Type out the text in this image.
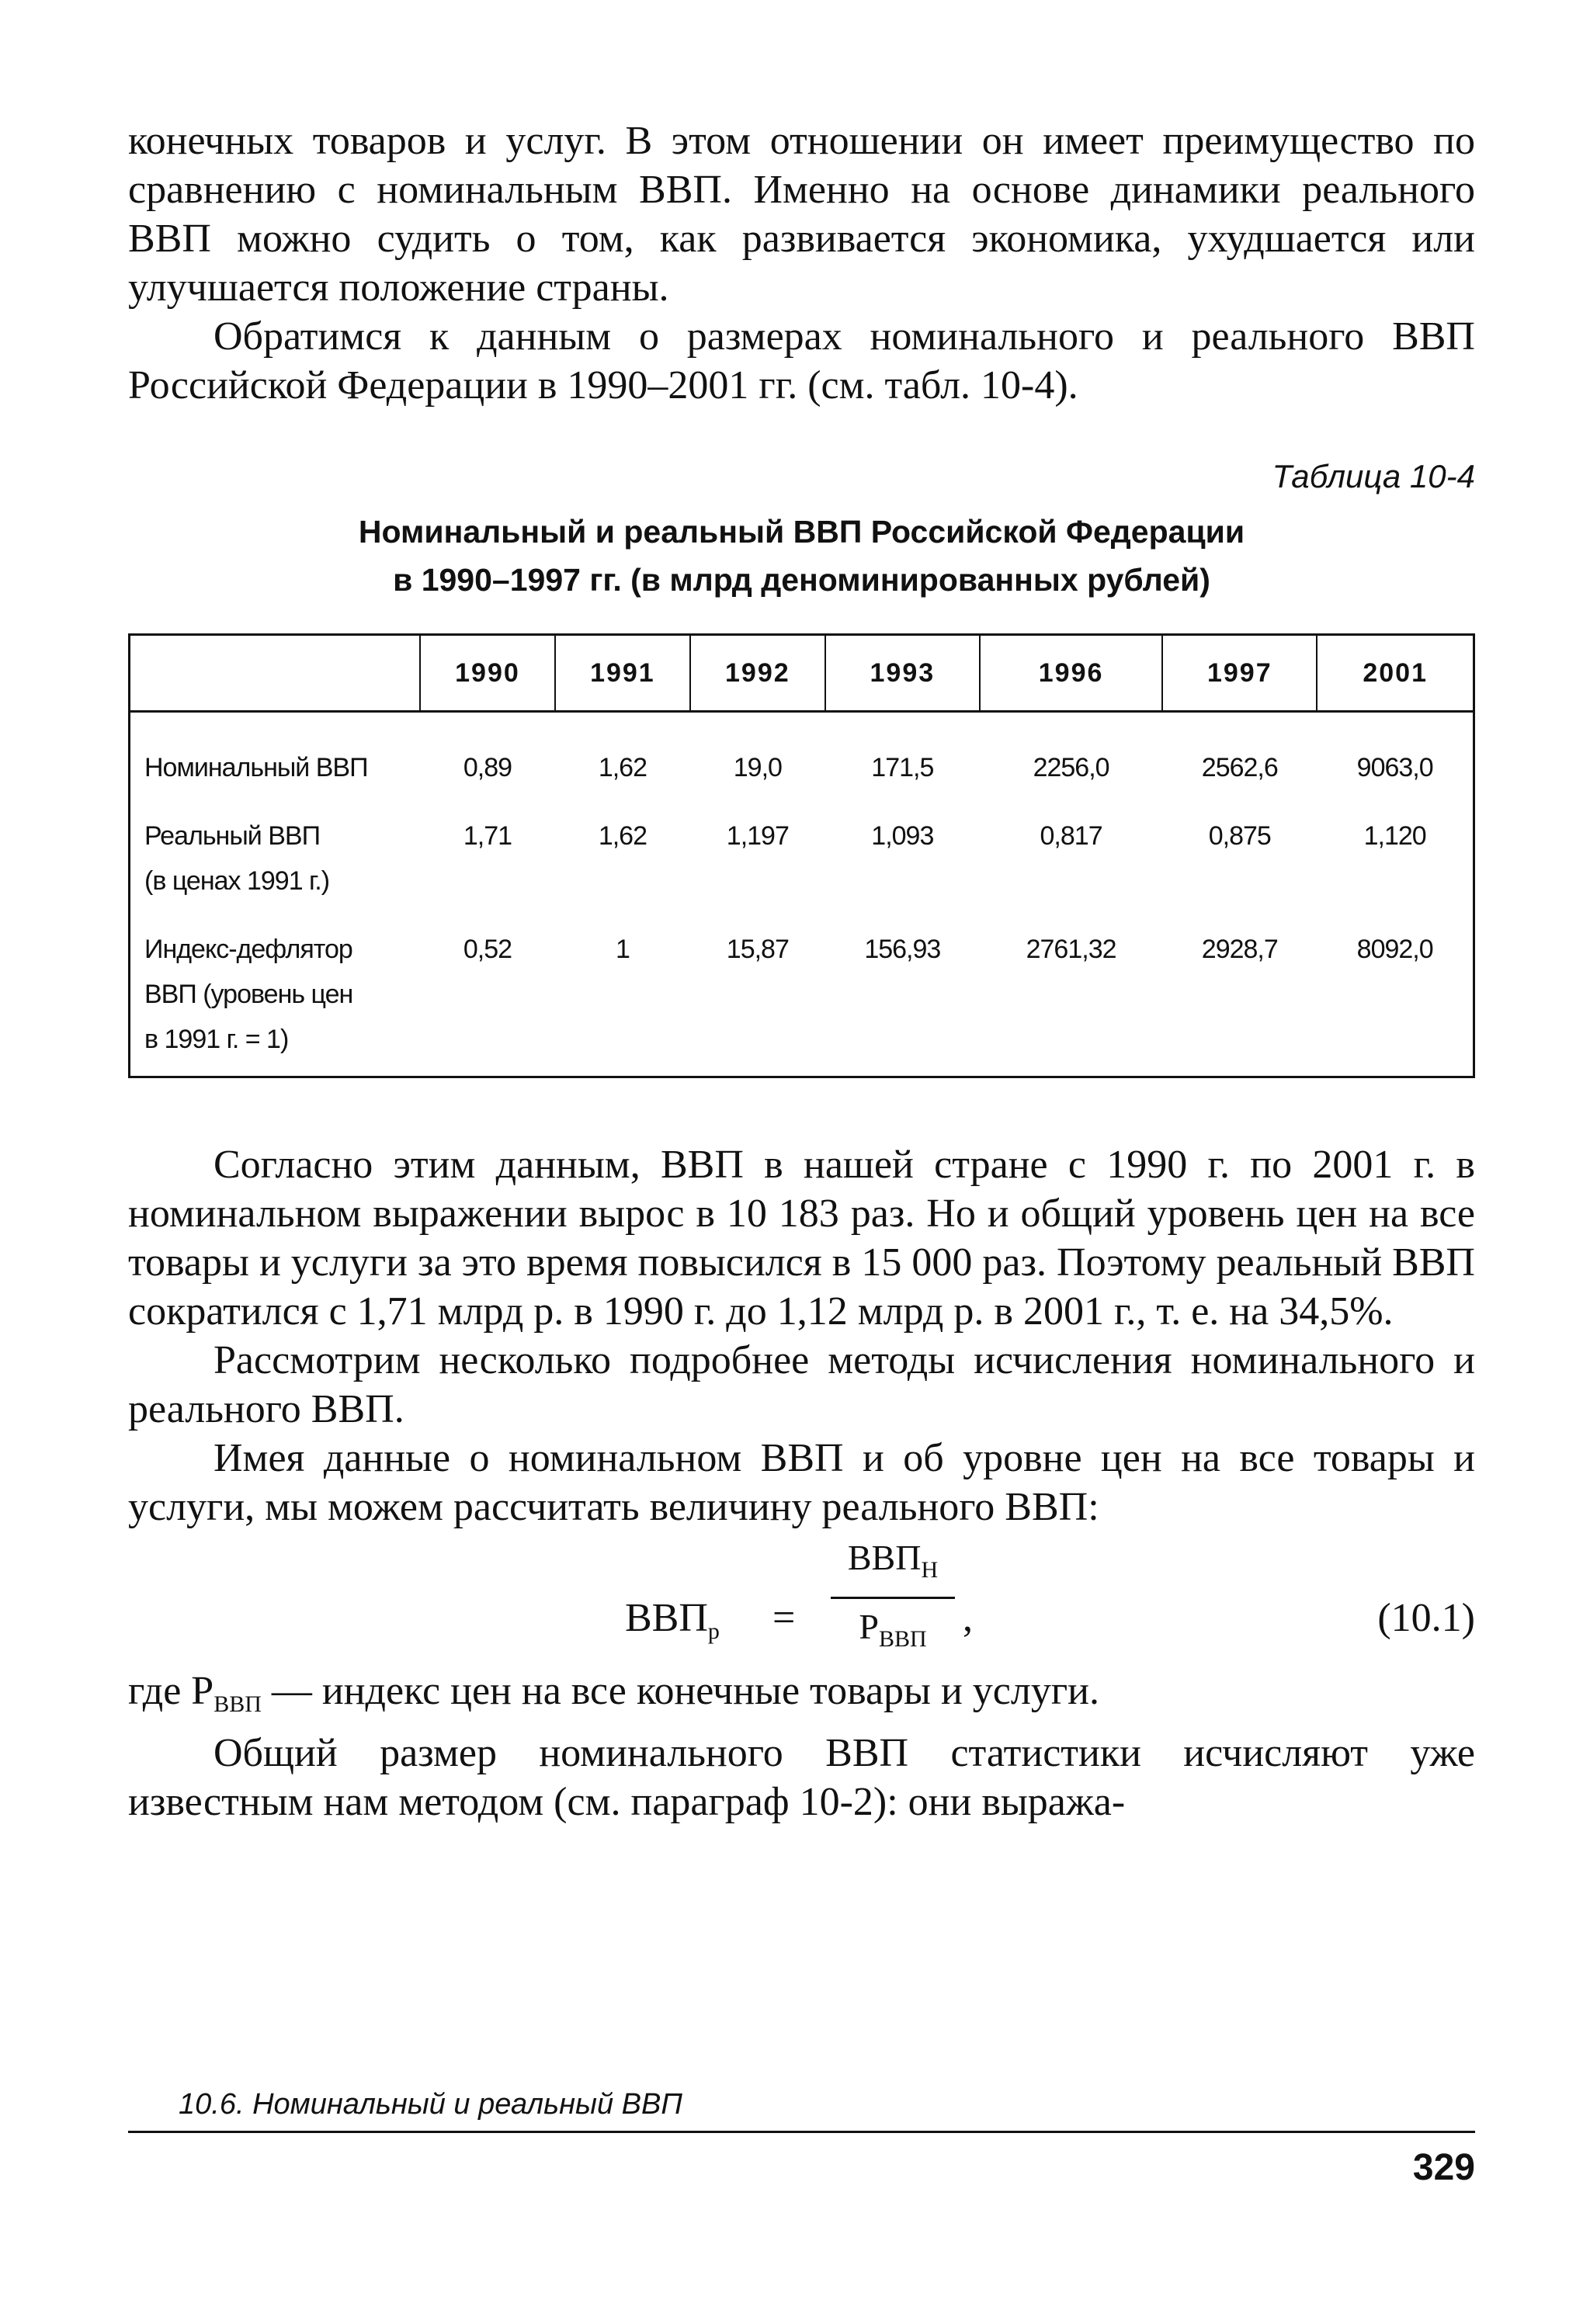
конечных товаров и услуг. В этом отношении он имеет преимущество по сравнению с номинальным ВВП. Именно на основе динамики реального ВВП можно судить о том, как развивается экономика, ухудшается или улучшается положение страны.

Обратимся к данным о размерах номинального и реального ВВП Российской Федерации в 1990–2001 гг. (см. табл. 10-4).

Таблица 10-4
Номинальный и реальный ВВП Российской Федерации
в 1990–1997 гг. (в млрд деноминированных рублей)
	1990	1991	1992	1993	1996	1997	2001

Номинальный ВВП	0,89	1,62	19,0	171,5	2256,0	2562,6	9063,0

Реальный ВВП
(в ценах 1991 г.)	1,71	1,62	1,197	1,093	0,817	0,875	1,120

Индекс-дефлятор
ВВП (уровень цен
в 1991 г. = 1)	0,52	1	15,87	156,93	2761,32	2928,7	8092,0

Согласно этим данным, ВВП в нашей стране с 1990 г. по 2001 г. в номинальном выражении вырос в 10 183 раз. Но и общий уровень цен на все товары и услуги за это время повысился в 15 000 раз. Поэтому реальный ВВП сократился с 1,71 млрд р. в 1990 г. до 1,12 млрд р. в 2001 г., т. е. на 34,5%.

Рассмотрим несколько подробнее методы исчисления номинального и реального ВВП.

Имея данные о номинальном ВВП и об уровне цен на все товары и услуги, мы можем рассчитать величину реального ВВП:

$ВВП_р$ =
$ВВП_Н$
$Р_{ВВП}$ ,	(10.1)

где $Р_{ВВП}$ — индекс цен на все конечные товары и услуги.

Общий размер номинального ВВП статистики исчисляют уже известным нам методом (см. параграф 10-2): они выража-

10.6. Номинальный и реальный ВВП
329
